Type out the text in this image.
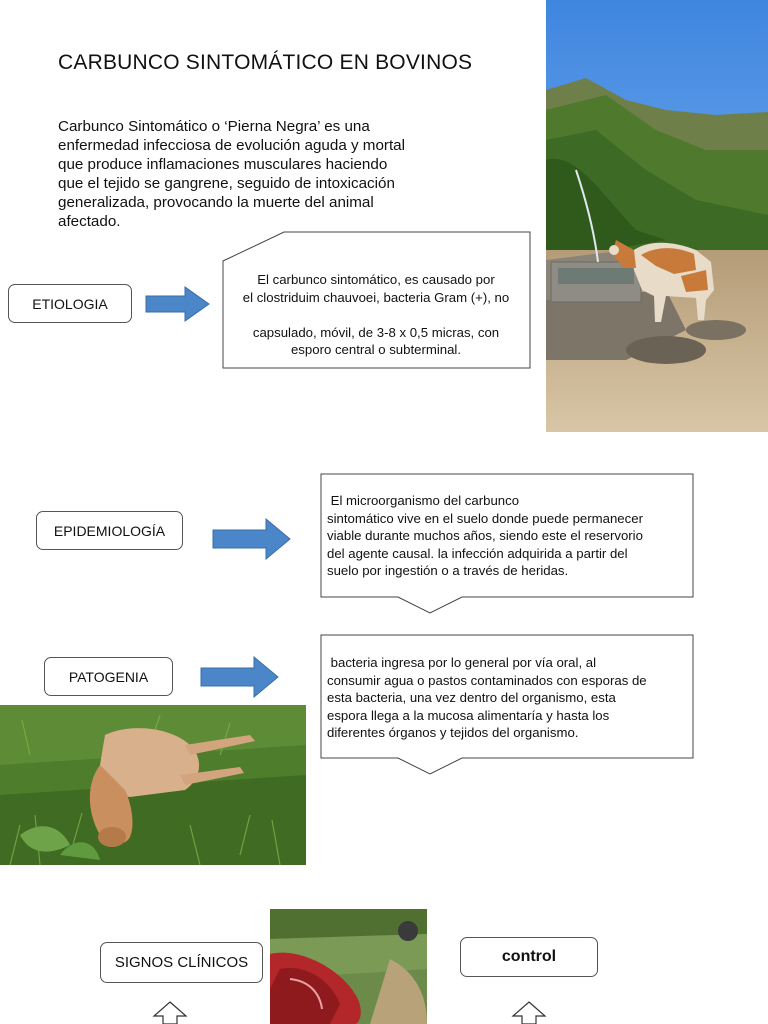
CARBUNCO SINTOMÁTICO EN BOVINOS
Carbunco Sintomático o ‘Pierna Negra’ es una
enfermedad infecciosa de evolución aguda y mortal
que produce inflamaciones musculares haciendo
que el tejido se gangrene, seguido de intoxicación
generalizada, provocando la muerte del animal
afectado.
ETIOLOGIA
El carbunco sintomático, es causado por
el clostriduim chauvoei, bacteria Gram (+), no
capsulado, móvil, de 3-8 x 0,5 micras, con
esporo central o subterminal.
EPIDEMIOLOGÍA
El microorganismo del carbunco
sintomático vive en el suelo donde puede permanecer
viable durante muchos años, siendo este el reservorio
del agente causal. la infección adquirida a partir del
suelo por ingestión o a través de heridas.
PATOGENIA
bacteria ingresa por lo general por vía oral, al
consumir agua o pastos contaminados con esporas de
esta bacteria, una vez dentro del organismo, esta
espora llega a la mucosa alimentaría y hasta los
diferentes órganos y tejidos del organismo.
SIGNOS CLÍNICOS	control
